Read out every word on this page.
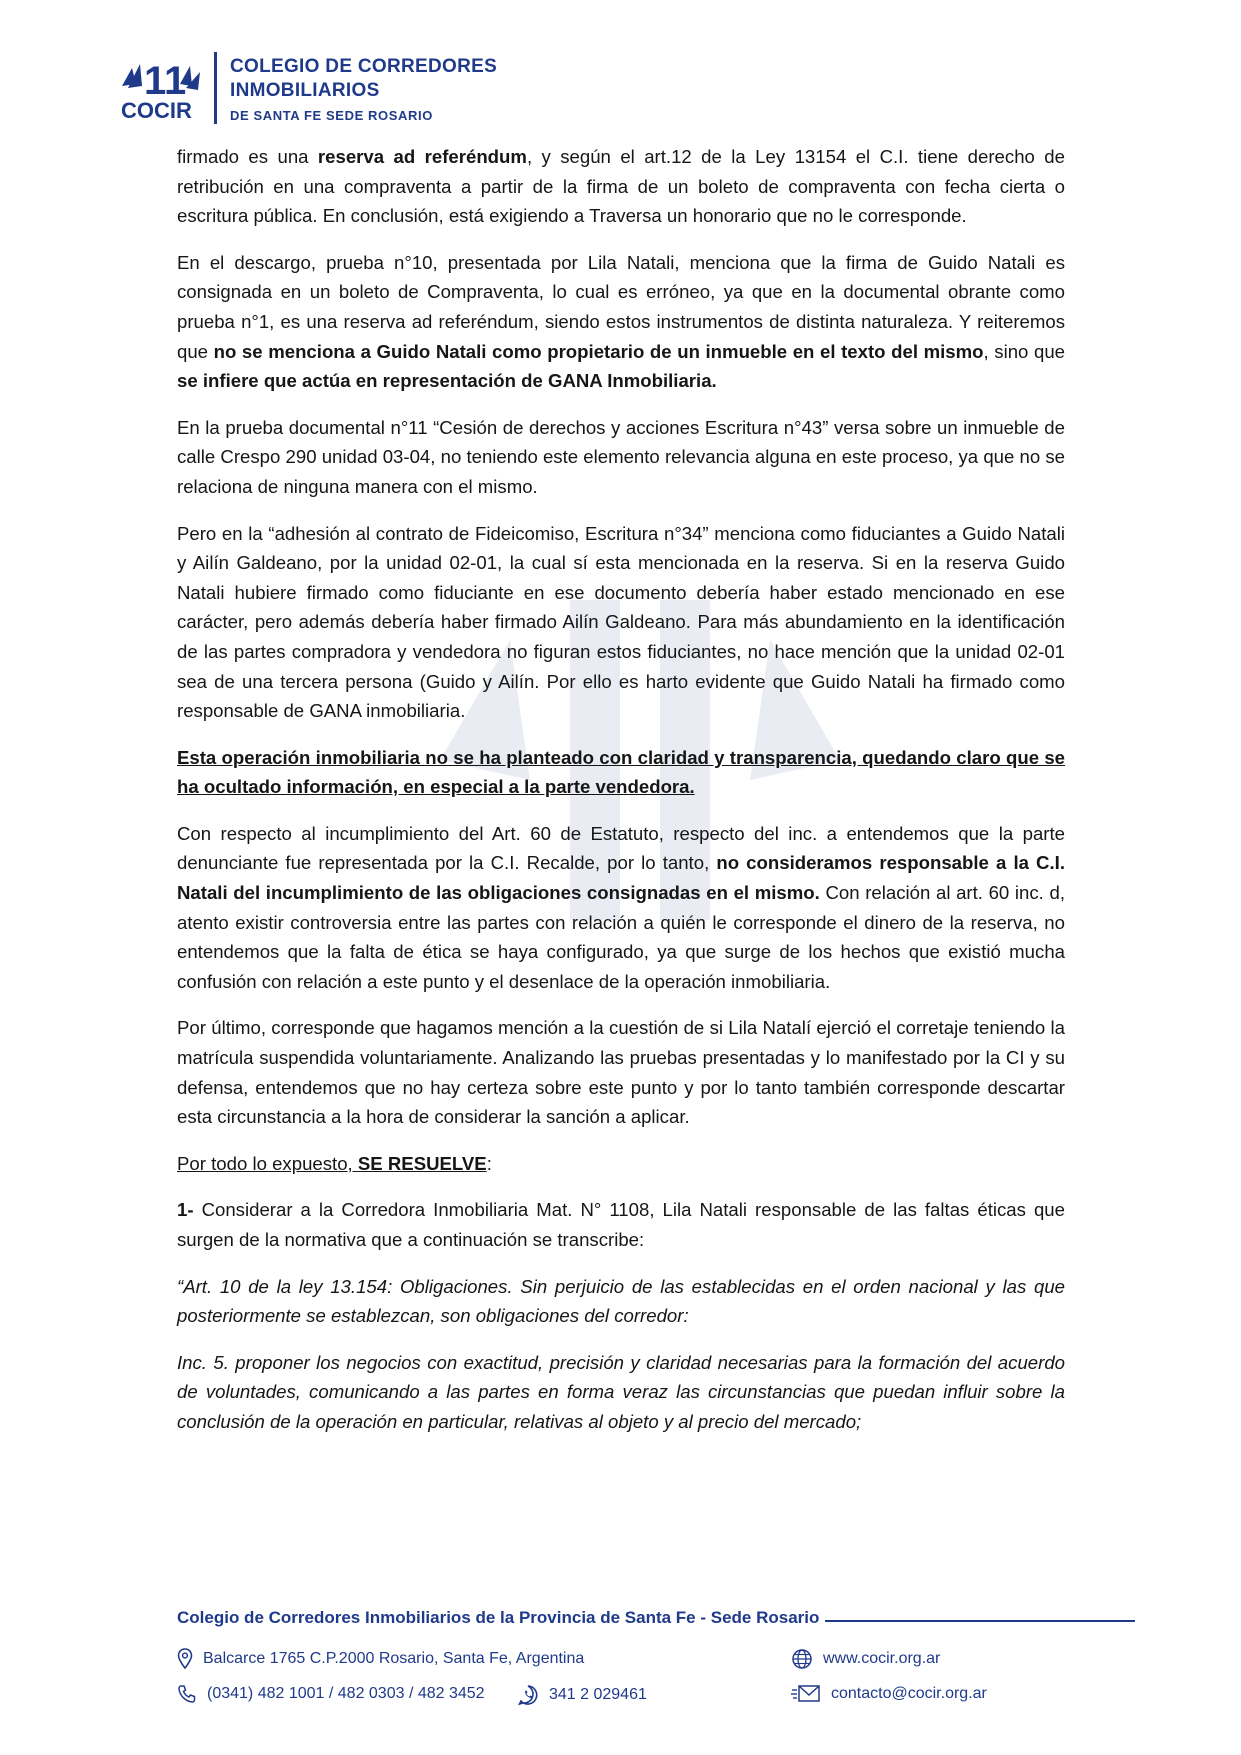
11
COCIR
COLEGIO DE CORREDORES
INMOBILIARIOS
DE SANTA FE SEDE ROSARIO

firmado es una reserva ad referéndum, y según el art.12 de la Ley 13154 el C.I. tiene derecho de retribución en una compraventa a partir de la firma de un boleto de compraventa con fecha cierta o escritura pública. En conclusión, está exigiendo a Traversa un honorario que no le corresponde.

En el descargo, prueba n°10, presentada por Lila Natali, menciona que la firma de Guido Natali es consignada en un boleto de Compraventa, lo cual es erróneo, ya que en la documental obrante como prueba n°1, es una reserva ad referéndum, siendo estos instrumentos de distinta naturaleza. Y reiteremos que no se menciona a Guido Natali como propietario de un inmueble en el texto del mismo, sino que se infiere que actúa en representación de GANA Inmobiliaria.

En la prueba documental n°11 “Cesión de derechos y acciones Escritura n°43” versa sobre un inmueble de calle Crespo 290 unidad 03-04, no teniendo este elemento relevancia alguna en este proceso, ya que no se relaciona de ninguna manera con el mismo.

Pero en la “adhesión al contrato de Fideicomiso, Escritura n°34” menciona como fiduciantes a Guido Natali y Ailín Galdeano, por la unidad 02-01, la cual sí esta mencionada en la reserva. Si en la reserva Guido Natali hubiere firmado como fiduciante en ese documento debería haber estado mencionado en ese carácter, pero además debería haber firmado Ailín Galdeano. Para más abundamiento en la identificación de las partes compradora y vendedora no figuran estos fiduciantes, no hace mención que la unidad 02-01 sea de una tercera persona (Guido y Ailín. Por ello es harto evidente que Guido Natali ha firmado como responsable de GANA inmobiliaria.

Esta operación inmobiliaria no se ha planteado con claridad y transparencia, quedando claro que se ha ocultado información, en especial a la parte vendedora.

Con respecto al incumplimiento del Art. 60 de Estatuto, respecto del inc. a entendemos que la parte denunciante fue representada por la C.I. Recalde, por lo tanto, no consideramos responsable a la C.I. Natali del incumplimiento de las obligaciones consignadas en el mismo. Con relación al art. 60 inc. d, atento existir controversia entre las partes con relación a quién le corresponde el dinero de la reserva, no entendemos que la falta de ética se haya configurado, ya que surge de los hechos que existió mucha confusión con relación a este punto y el desenlace de la operación inmobiliaria.

Por último, corresponde que hagamos mención a la cuestión de si Lila Natalí ejerció el corretaje teniendo la matrícula suspendida voluntariamente. Analizando las pruebas presentadas y lo manifestado por la CI y su defensa, entendemos que no hay certeza sobre este punto y por lo tanto también corresponde descartar esta circunstancia a la hora de considerar la sanción a aplicar.

Por todo lo expuesto, SE RESUELVE:

1- Considerar a la Corredora Inmobiliaria Mat. N° 1108, Lila Natali responsable de las faltas éticas que surgen de la normativa que a continuación se transcribe:

“Art. 10 de la ley 13.154: Obligaciones. Sin perjuicio de las establecidas en el orden nacional y las que posteriormente se establezcan, son obligaciones del corredor:

Inc. 5. proponer los negocios con exactitud, precisión y claridad necesarias para la formación del acuerdo de voluntades, comunicando a las partes en forma veraz las circunstancias que puedan influir sobre la conclusión de la operación en particular, relativas al objeto y al precio del mercado;

Colegio de Corredores Inmobiliarios de la Provincia de Santa Fe - Sede Rosario
Balcarce 1765 C.P.2000 Rosario, Santa Fe, Argentina
(0341) 482 1001 / 482 0303 / 482 3452	341 2 029461
www.cocir.org.ar
contacto@cocir.org.ar
